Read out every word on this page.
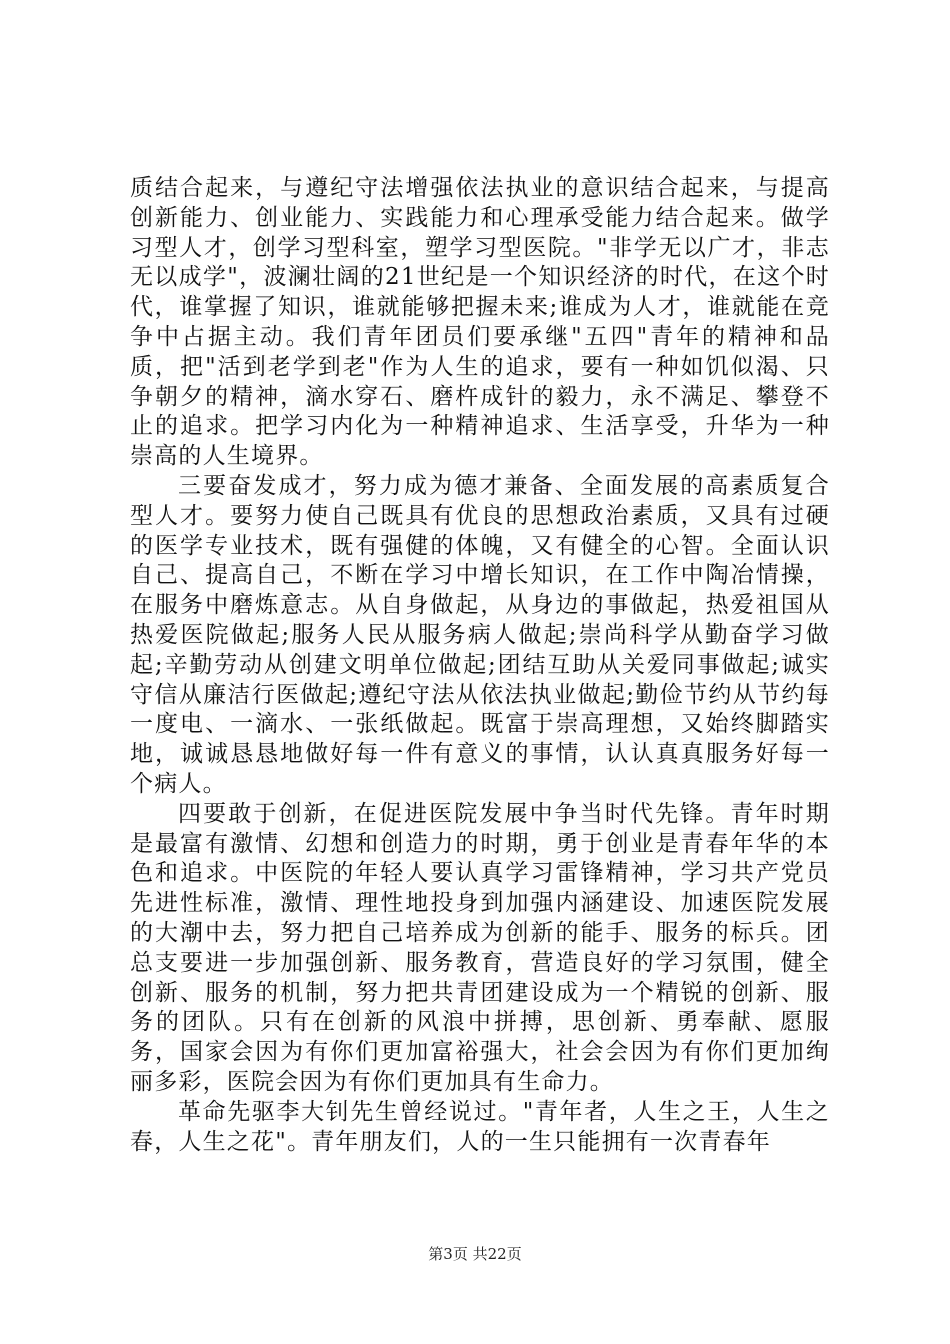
质结合起来，与遵纪守法增强依法执业的意识结合起来，与提高创新能力、创业能力、实践能力和心理承受能力结合起来。做学习型人才，创学习型科室，塑学习型医院。"非学无以广才，非志无以成学"，波澜壮阔的21世纪是一个知识经济的时代，在这个时代，谁掌握了知识，谁就能够把握未来;谁成为人才，谁就能在竞争中占据主动。我们青年团员们要承继"五四"青年的精神和品质，把"活到老学到老"作为人生的追求，要有一种如饥似渴、只争朝夕的精神，滴水穿石、磨杵成针的毅力，永不满足、攀登不止的追求。把学习内化为一种精神追求、生活享受，升华为一种崇高的人生境界。

三要奋发成才，努力成为德才兼备、全面发展的高素质复合型人才。要努力使自己既具有优良的思想政治素质，又具有过硬的医学专业技术，既有强健的体魄，又有健全的心智。全面认识自己、提高自己，不断在学习中增长知识，在工作中陶冶情操，在服务中磨炼意志。从自身做起，从身边的事做起，热爱祖国从热爱医院做起;服务人民从服务病人做起;崇尚科学从勤奋学习做起;辛勤劳动从创建文明单位做起;团结互助从关爱同事做起;诚实守信从廉洁行医做起;遵纪守法从依法执业做起;勤俭节约从节约每一度电、一滴水、一张纸做起。既富于崇高理想，又始终脚踏实地，诚诚恳恳地做好每一件有意义的事情，认认真真服务好每一个病人。

四要敢于创新，在促进医院发展中争当时代先锋。青年时期是最富有激情、幻想和创造力的时期，勇于创业是青春年华的本色和追求。中医院的年轻人要认真学习雷锋精神，学习共产党员先进性标准，激情、理性地投身到加强内涵建设、加速医院发展的大潮中去，努力把自己培养成为创新的能手、服务的标兵。团总支要进一步加强创新、服务教育，营造良好的学习氛围，健全创新、服务的机制，努力把共青团建设成为一个精锐的创新、服务的团队。只有在创新的风浪中拼搏，思创新、勇奉献、愿服务，国家会因为有你们更加富裕强大，社会会因为有你们更加绚丽多彩，医院会因为有你们更加具有生命力。

革命先驱李大钊先生曾经说过。"青年者，人生之王，人生之春，人生之花"。青年朋友们，人的一生只能拥有一次青春年

第3页 共22页
